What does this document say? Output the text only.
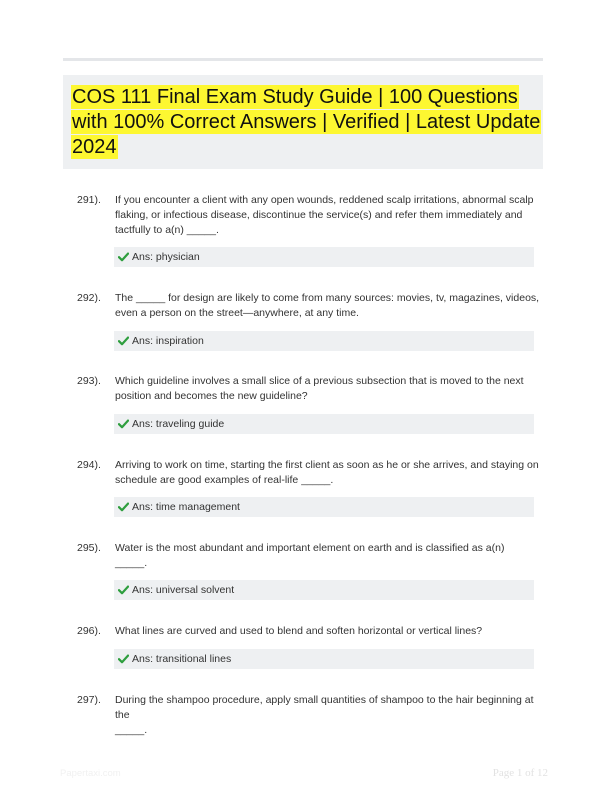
COS 111 Final Exam Study Guide | 100 Questions with 100% Correct Answers | Verified | Latest Update 2024
291). If you encounter a client with any open wounds, reddened scalp irritations, abnormal scalp flaking, or infectious disease, discontinue the service(s) and refer them immediately and tactfully to a(n) _____.
Ans: physician
292). The _____ for design are likely to come from many sources: movies, tv, magazines, videos, even a person on the street—anywhere, at any time.
Ans: inspiration
293). Which guideline involves a small slice of a previous subsection that is moved to the next position and becomes the new guideline?
Ans: traveling guide
294). Arriving to work on time, starting the first client as soon as he or she arrives, and staying on schedule are good examples of real-life _____.
Ans: time management
295). Water is the most abundant and important element on earth and is classified as a(n) _____.
Ans: universal solvent
296). What lines are curved and used to blend and soften horizontal or vertical lines?
Ans: transitional lines
297). During the shampoo procedure, apply small quantities of shampoo to the hair beginning at the
_____.
Papertaxi.com	Page 1 of 12
